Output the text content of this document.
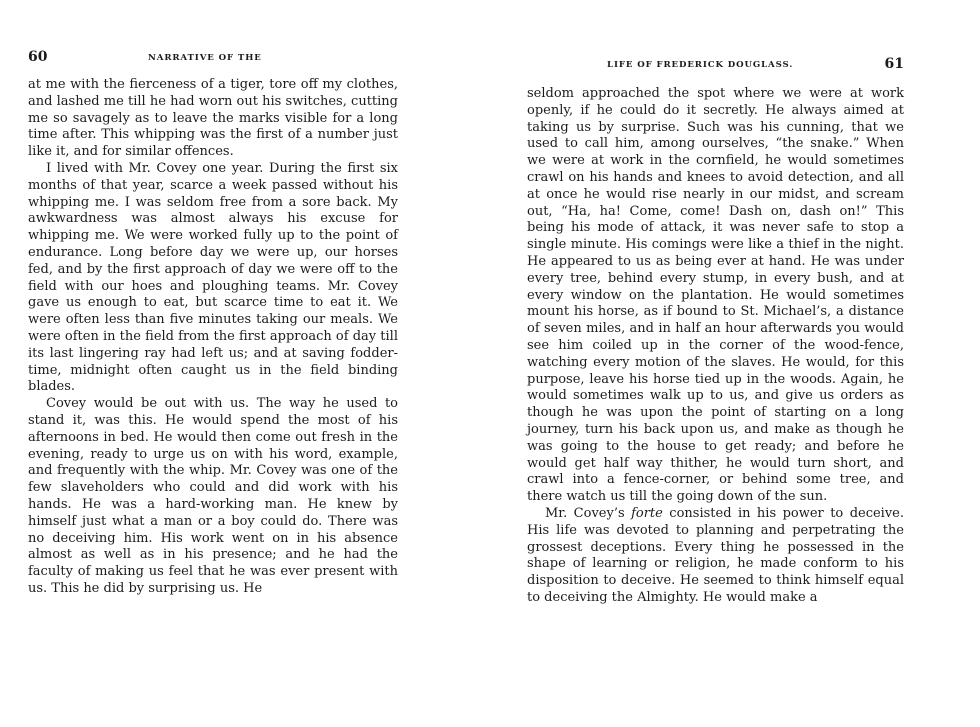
60	NARRATIVE OF THE

at me with the fierceness of a tiger, tore off my clothes, and lashed me till he had worn out his switches, cutting me so savagely as to leave the marks visible for a long time after. This whipping was the first of a number just like it, and for similar offences.

I lived with Mr. Covey one year. During the first six months of that year, scarce a week passed without his whipping me. I was seldom free from a sore back. My awkwardness was almost always his excuse for whipping me. We were worked fully up to the point of endurance. Long before day we were up, our horses fed, and by the first approach of day we were off to the field with our hoes and ploughing teams. Mr. Covey gave us enough to eat, but scarce time to eat it. We were often less than five minutes taking our meals. We were often in the field from the first approach of day till its last lingering ray had left us; and at saving fodder-time, midnight often caught us in the field binding blades.

Covey would be out with us. The way he used to stand it, was this. He would spend the most of his afternoons in bed. He would then come out fresh in the evening, ready to urge us on with his word, example, and frequently with the whip. Mr. Covey was one of the few slaveholders who could and did work with his hands. He was a hard-working man. He knew by himself just what a man or a boy could do. There was no deceiving him. His work went on in his absence almost as well as in his presence; and he had the faculty of making us feel that he was ever present with us. This he did by surprising us. He

LIFE OF FREDERICK DOUGLASS.	61

seldom approached the spot where we were at work openly, if he could do it secretly. He always aimed at taking us by surprise. Such was his cunning, that we used to call him, among ourselves, “the snake.” When we were at work in the cornfield, he would sometimes crawl on his hands and knees to avoid detection, and all at once he would rise nearly in our midst, and scream out, “Ha, ha! Come, come! Dash on, dash on!” This being his mode of attack, it was never safe to stop a single minute. His comings were like a thief in the night. He appeared to us as being ever at hand. He was under every tree, behind every stump, in every bush, and at every window on the plantation. He would sometimes mount his horse, as if bound to St. Michael’s, a distance of seven miles, and in half an hour afterwards you would see him coiled up in the corner of the wood-fence, watching every motion of the slaves. He would, for this purpose, leave his horse tied up in the woods. Again, he would sometimes walk up to us, and give us orders as though he was upon the point of starting on a long journey, turn his back upon us, and make as though he was going to the house to get ready; and before he would get half way thither, he would turn short, and crawl into a fence-corner, or behind some tree, and there watch us till the going down of the sun.

Mr. Covey’s forte consisted in his power to deceive. His life was devoted to planning and perpetrating the grossest deceptions. Every thing he possessed in the shape of learning or religion, he made conform to his disposition to deceive. He seemed to think himself equal to deceiving the Almighty. He would make a
